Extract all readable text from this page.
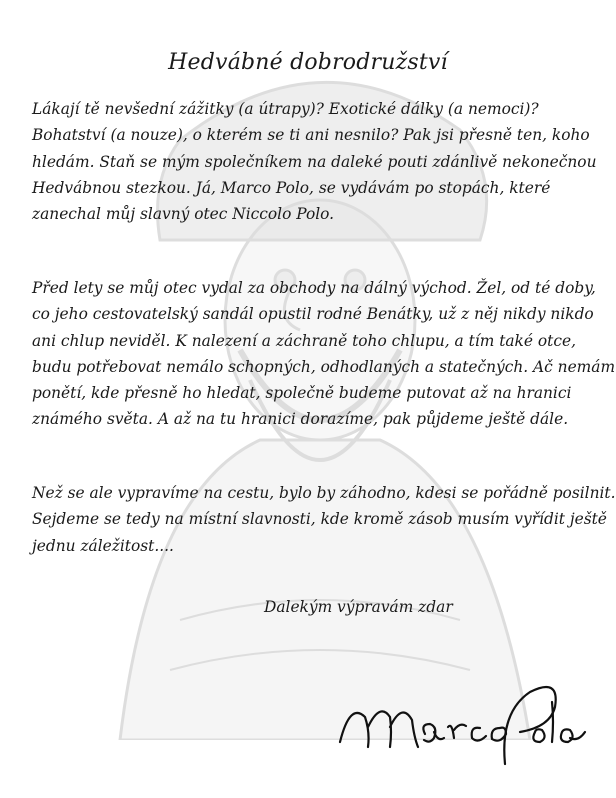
Hedvábné dobrodružství

Lákají tě nevšední zážitky (a útrapy)? Exotické dálky (a nemoci)?
Bohatství (a nouze), o kterém se ti ani nesnilo? Pak jsi přesně ten, koho
hledám. Staň se mým společníkem na daleké pouti zdánlivě nekonečnou
Hedvábnou stezkou. Já, Marco Polo, se vydávám po stopách, které
zanechal můj slavný otec Niccolo Polo.

Před lety se můj otec vydal za obchody na dálný východ. Žel, od té doby,
co jeho cestovatelský sandál opustil rodné Benátky, už z něj nikdy nikdo
ani chlup neviděl. K nalezení a záchraně toho chlupu, a tím také otce,
budu potřebovat nemálo schopných, odhodlaných a statečných. Ač nemám
ponětí, kde přesně ho hledat, společně budeme putovat až na hranici
známého světa. A až na tu hranici dorazíme, pak půjdeme ještě dále.

Než se ale vypravíme na cestu, bylo by záhodno, kdesi se pořádně posilnit.
Sejdeme se tedy na místní slavnosti, kde kromě zásob musím vyřídit ještě
jednu záležitost....

Dalekým výpravám zdar
